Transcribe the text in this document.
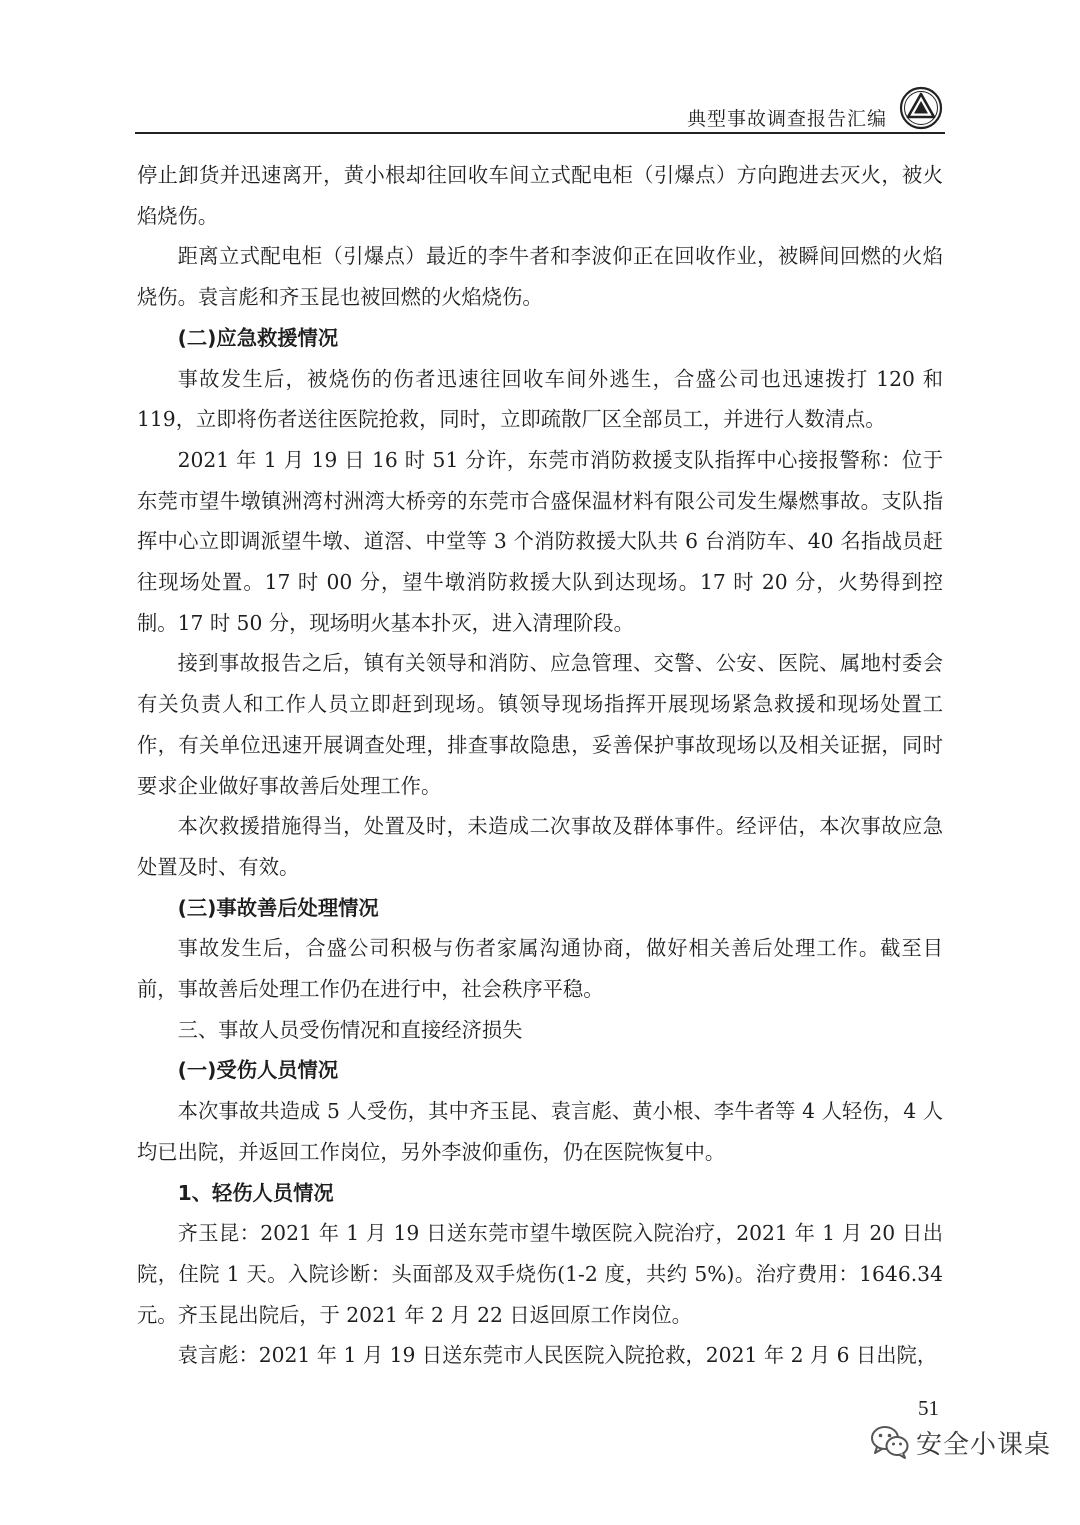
典型事故调查报告汇编

停止卸货并迅速离开，黄小根却往回收车间立式配电柜（引爆点）方向跑进去灭火，被火焰烧伤。

距离立式配电柜（引爆点）最近的李牛者和李波仰正在回收作业，被瞬间回燃的火焰烧伤。袁言彪和齐玉昆也被回燃的火焰烧伤。

(二)应急救援情况

事故发生后，被烧伤的伤者迅速往回收车间外逃生，合盛公司也迅速拨打 120 和 119，立即将伤者送往医院抢救，同时，立即疏散厂区全部员工，并进行人数清点。

2021 年 1 月 19 日 16 时 51 分许，东莞市消防救援支队指挥中心接报警称：位于东莞市望牛墩镇洲湾村洲湾大桥旁的东莞市合盛保温材料有限公司发生爆燃事故。支队指挥中心立即调派望牛墩、道滘、中堂等 3 个消防救援大队共 6 台消防车、40 名指战员赶往现场处置。17 时 00 分，望牛墩消防救援大队到达现场。17 时 20 分，火势得到控制。17 时 50 分，现场明火基本扑灭，进入清理阶段。

接到事故报告之后，镇有关领导和消防、应急管理、交警、公安、医院、属地村委会有关负责人和工作人员立即赶到现场。镇领导现场指挥开展现场紧急救援和现场处置工作，有关单位迅速开展调查处理，排查事故隐患，妥善保护事故现场以及相关证据，同时要求企业做好事故善后处理工作。

本次救援措施得当，处置及时，未造成二次事故及群体事件。经评估，本次事故应急处置及时、有效。

(三)事故善后处理情况

事故发生后，合盛公司积极与伤者家属沟通协商，做好相关善后处理工作。截至目前，事故善后处理工作仍在进行中，社会秩序平稳。

三、事故人员受伤情况和直接经济损失

(一)受伤人员情况

本次事故共造成 5 人受伤，其中齐玉昆、袁言彪、黄小根、李牛者等 4 人轻伤，4 人均已出院，并返回工作岗位，另外李波仰重伤，仍在医院恢复中。

1、轻伤人员情况

齐玉昆：2021 年 1 月 19 日送东莞市望牛墩医院入院治疗，2021 年 1 月 20 日出院，住院 1 天。入院诊断：头面部及双手烧伤(1-2 度，共约 5%)。治疗费用：1646.34 元。齐玉昆出院后，于 2021 年 2 月 22 日返回原工作岗位。

袁言彪：2021 年 1 月 19 日送东莞市人民医院入院抢救，2021 年 2 月 6 日出院，

51
安全小课桌
